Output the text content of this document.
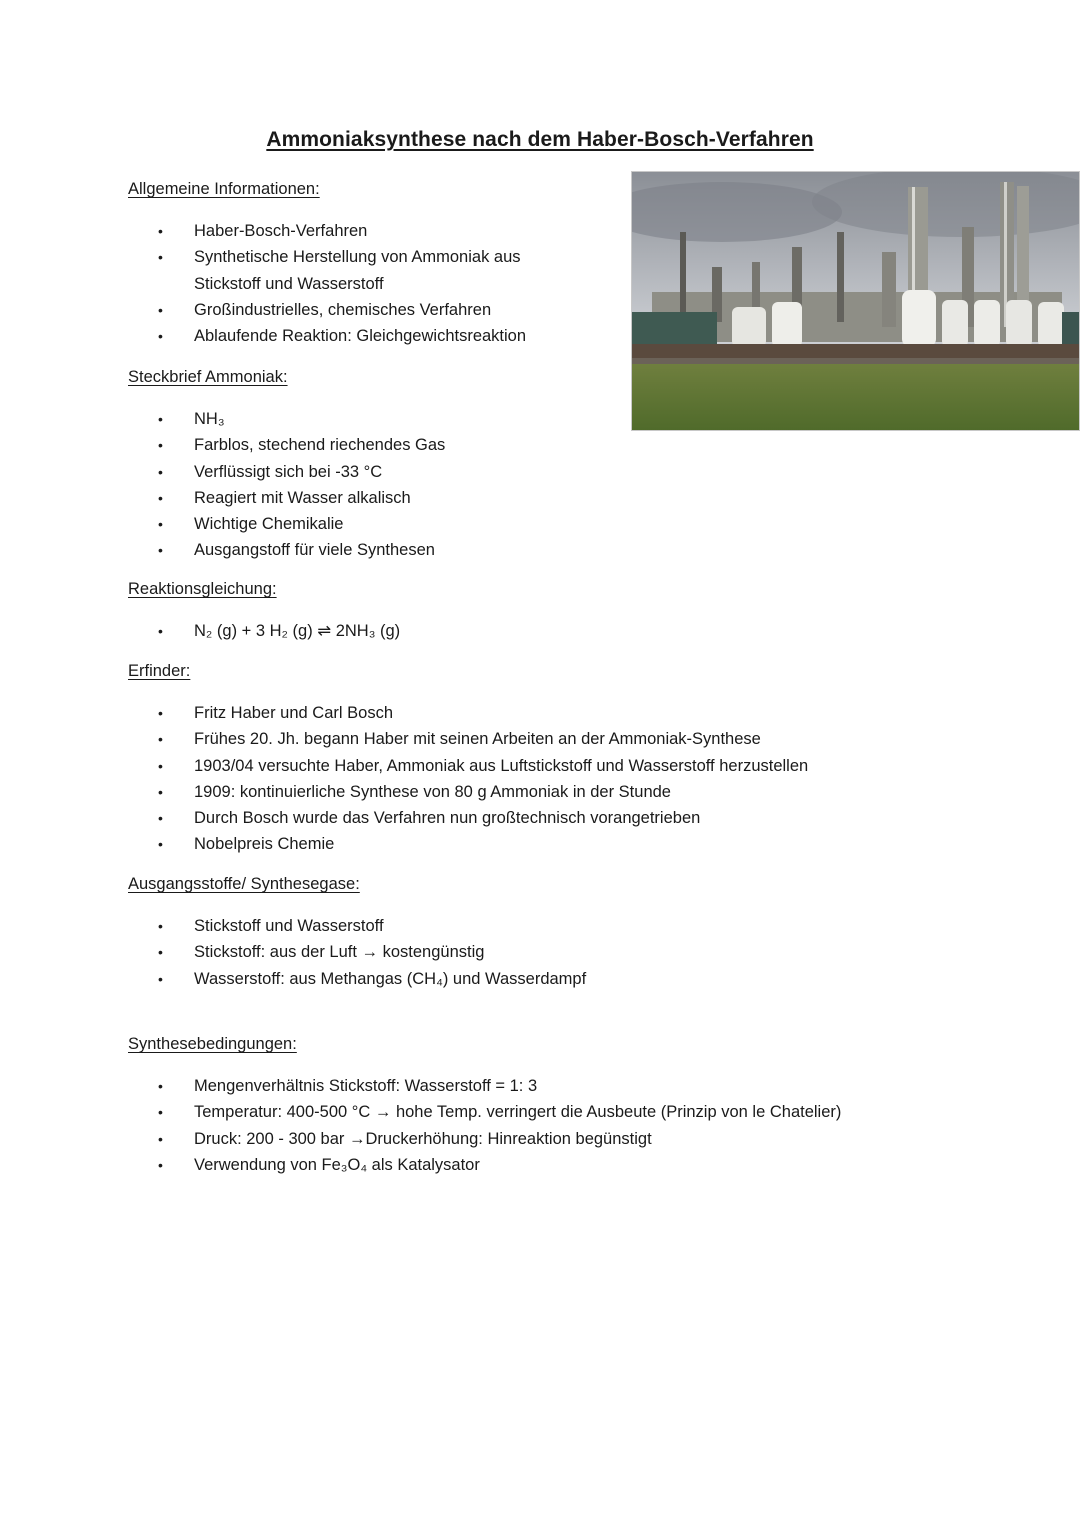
Ammoniaksynthese nach dem Haber-Bosch-Verfahren

Allgemeine Informationen:

• Haber-Bosch-Verfahren
• Synthetische Herstellung von Ammoniak aus
Stickstoff und Wasserstoff
• Großindustrielles, chemisches Verfahren
• Ablaufende Reaktion: Gleichgewichtsreaktion

Steckbrief Ammoniak:

• NH₃
• Farblos, stechend riechendes Gas
• Verflüssigt sich bei -33 °C
• Reagiert mit Wasser alkalisch
• Wichtige Chemikalie
• Ausgangstoff für viele Synthesen

Reaktionsgleichung:

• N₂ (g) + 3 H₂ (g) ⇌ 2NH₃ (g)

Erfinder:

• Fritz Haber und Carl Bosch
• Frühes 20. Jh. begann Haber mit seinen Arbeiten an der Ammoniak-Synthese
• 1903/04 versuchte Haber, Ammoniak aus Luftstickstoff und Wasserstoff herzustellen
• 1909: kontinuierliche Synthese von 80 g Ammoniak in der Stunde
• Durch Bosch wurde das Verfahren nun großtechnisch vorangetrieben
• Nobelpreis Chemie

Ausgangsstoffe/ Synthesegase:

• Stickstoff und Wasserstoff
• Stickstoff: aus der Luft → kostengünstig
• Wasserstoff: aus Methangas (CH₄) und Wasserdampf

Synthesebedingungen:

• Mengenverhältnis Stickstoff: Wasserstoff = 1: 3
• Temperatur: 400-500 °C → hohe Temp. verringert die Ausbeute (Prinzip von le Chatelier)
• Druck: 200 - 300 bar →Druckerhöhung: Hinreaktion begünstigt
• Verwendung von Fe₃O₄ als Katalysator
